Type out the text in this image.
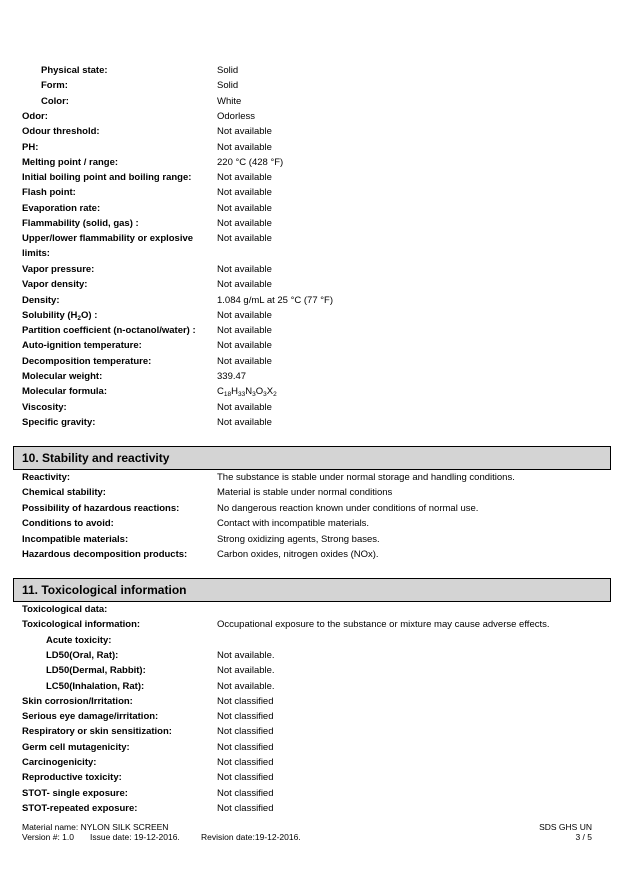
Physical state:	Solid
Form:	Solid
Color:	White
Odor:	Odorless
Odour threshold:	Not available
PH:	Not available
Melting point / range:	220 °C (428 °F)
Initial boiling point and boiling range:	Not available
Flash point:	Not available
Evaporation rate:	Not available
Flammability (solid, gas) :	Not available
Upper/lower flammability or explosive	Not available
limits:
Vapor pressure:	Not available
Vapor density:	Not available
Density:	1.084 g/mL at 25 °C (77 °F)
Solubility $(H_2O)$ :	Not available
Partition coefficient (n-octanol/water) : Not available
Auto-ignition temperature:	Not available
Decomposition temperature:	Not available
Molecular weight:	339.47
Molecular formula:	$C_{18}H_{33}N_3O_3X_2$
Viscosity:	Not available
Specific gravity:	Not available
10. Stability and reactivity
Reactivity:	The substance is stable under normal storage and handling conditions.
Chemical stability:	Material is stable under normal conditions
Possibility of hazardous reactions:	No dangerous reaction known under conditions of normal use.
Conditions to avoid:	Contact with incompatible materials.
Incompatible materials:	Strong oxidizing agents, Strong bases.
Hazardous decomposition products:	Carbon oxides, nitrogen oxides (NOx).
11. Toxicological information
Toxicological data:
Toxicological information:	Occupational exposure to the substance or mixture may cause adverse effects.
Acute toxicity:
LD50(Oral, Rat):	Not available.
LD50(Dermal, Rabbit):	Not available.
LC50(Inhalation, Rat):	Not available.
Skin corrosion/Irritation:	Not classified
Serious eye damage/irritation:	Not classified
Respiratory or skin sensitization:	Not classified
Germ cell mutagenicity:	Not classified
Carcinogenicity:	Not classified
Reproductive toxicity:	Not classified
STOT- single exposure:	Not classified
STOT-repeated exposure:	Not classified
Material name: NYLON SILK SCREEN
Version #: 1.0 Issue date: 19-12-2016. Revision date:19-12-2016.
SDS GHS UN
3 / 5
